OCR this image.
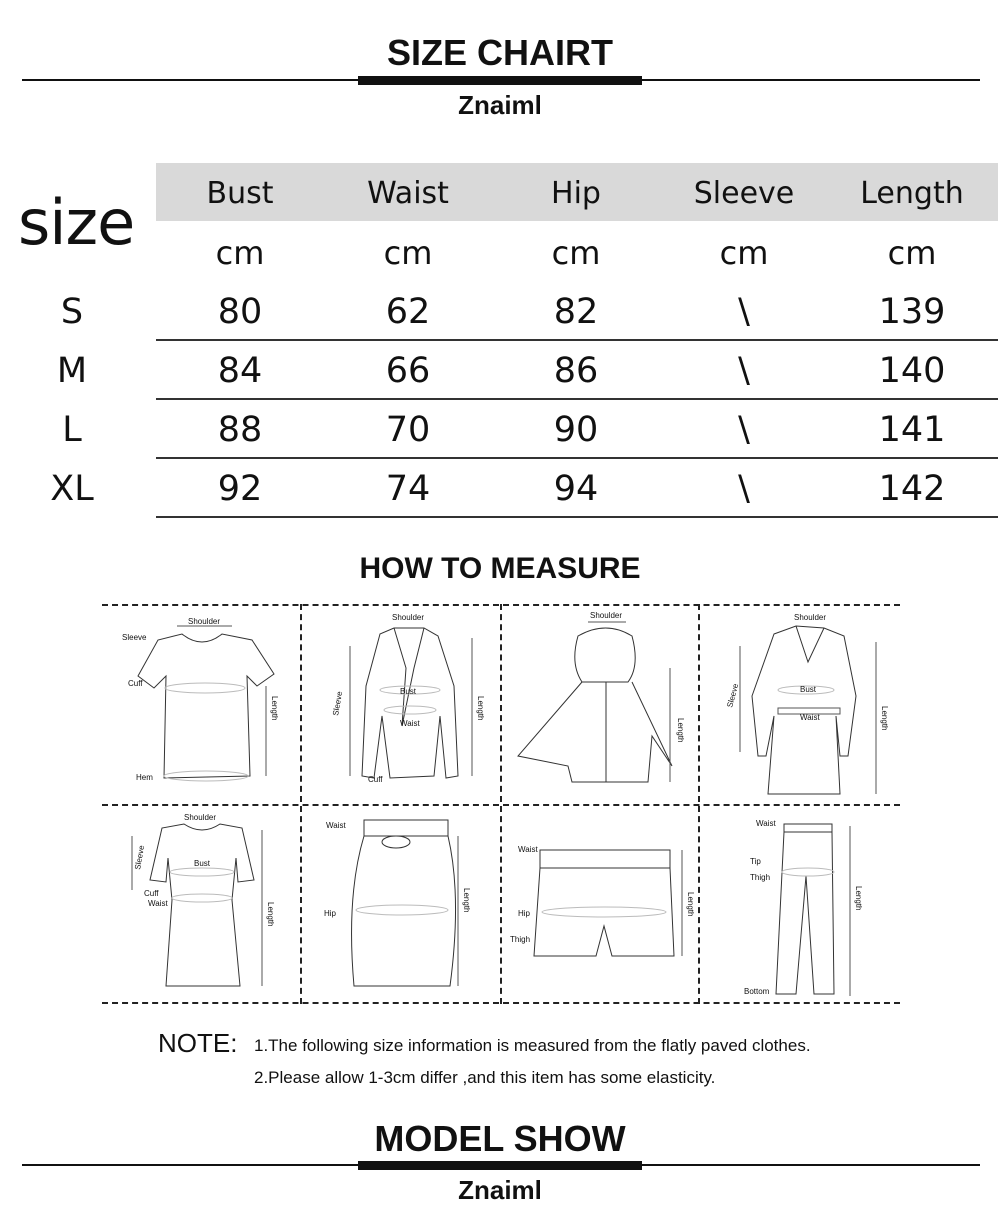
SIZE CHAIRT
Znaiml
size	Bust	Waist	Hip	Sleeve	Length
cm	cm	cm	cm	cm
S	80	62	82	\	139
M	84	66	86	\	140
L	88	70	90	\	141
XL	92	74	94	\	142
HOW TO MEASURE
Shoulder
Sleeve
Cuff
Length
Hem
Shoulder
Sleeve	Bust
Waist
Length
Cuff
Shoulder
Length
Shoulder
Sleeve	Bust
Waist	Length
Shoulder
Sleeve	Bust
Cuff
Waist	Length
Waist
Hip
Length
Waist
Hip
Thigh
Length
Waist
Tip
Thigh
Length
Bottom
NOTE: 1.The following size information is measured from the flatly paved clothes.
2.Please allow 1-3cm differ ,and this item has some elasticity.
MODEL SHOW
Znaiml
